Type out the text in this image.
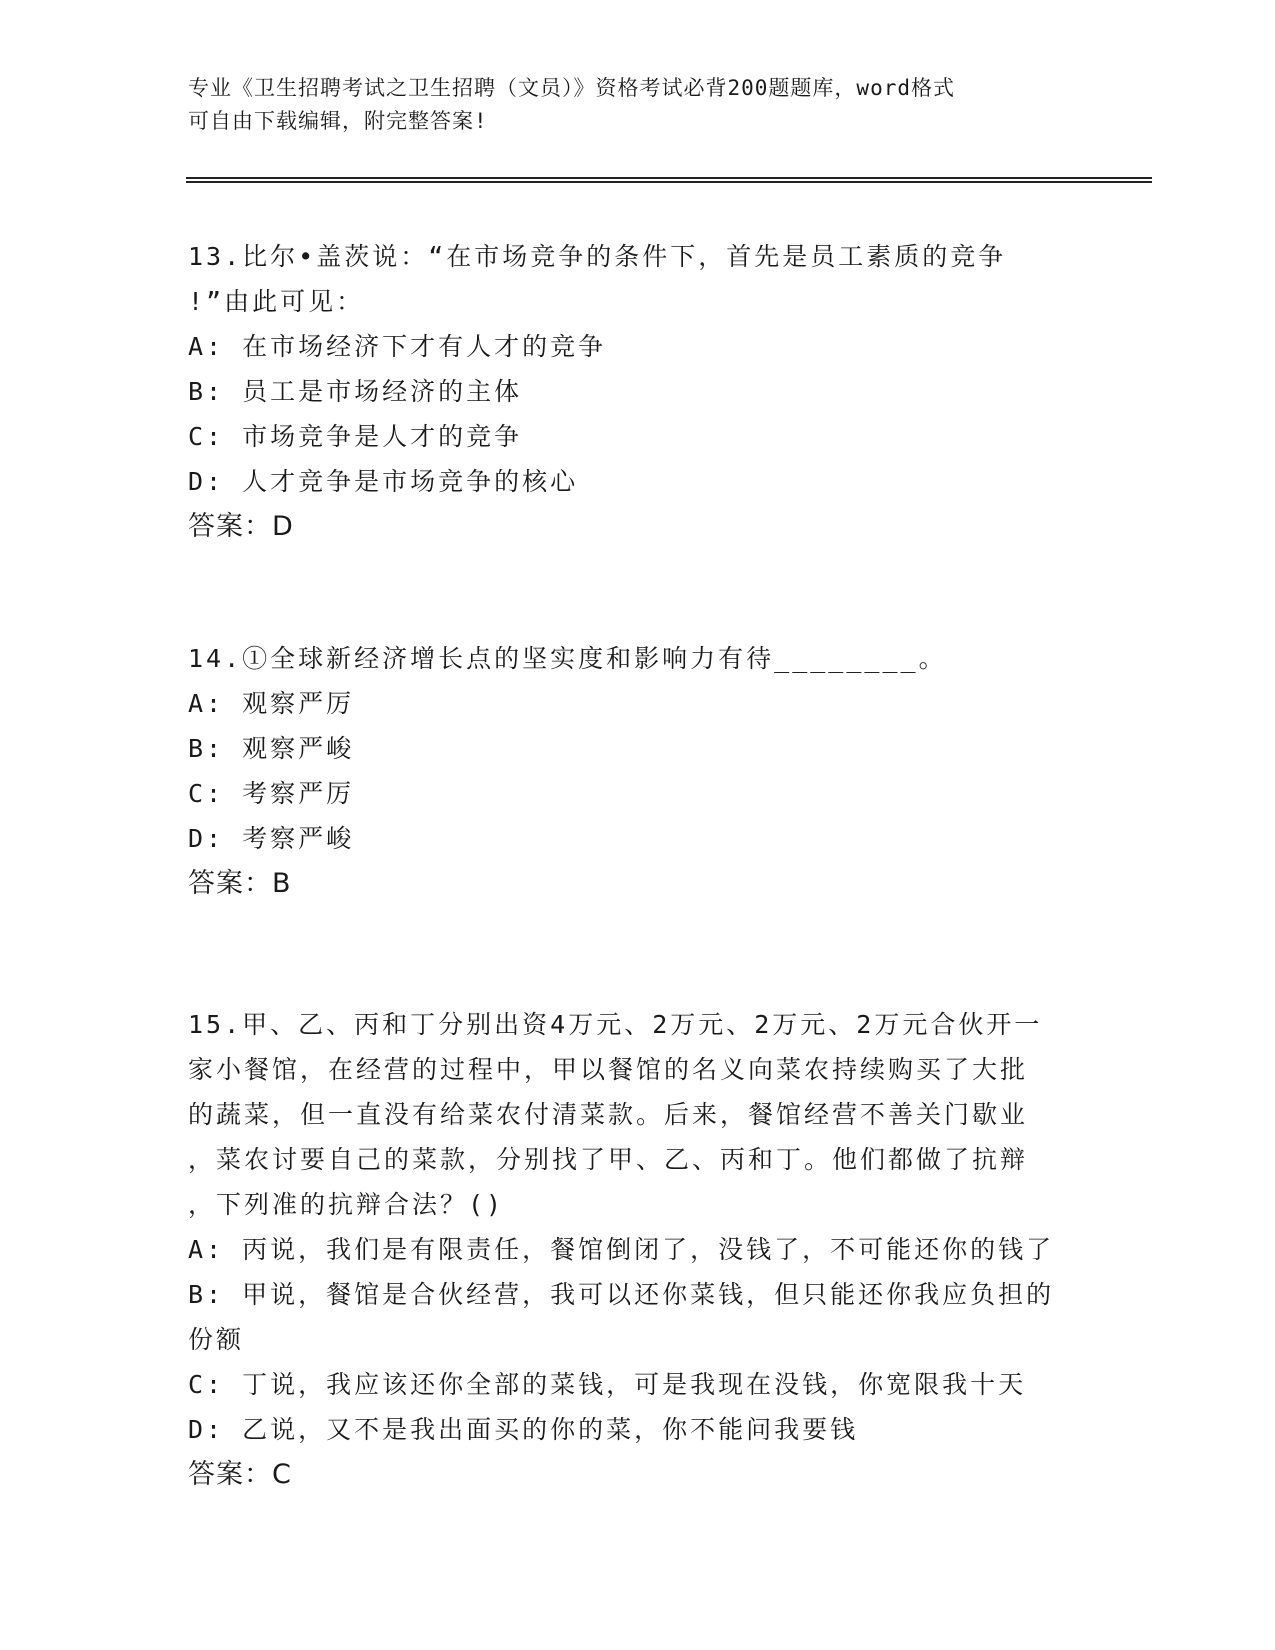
专业《卫生招聘考试之卫生招聘（文员）》资格考试必背200题题库，word格式
可自由下载编辑，附完整答案!
13.比尔•盖茨说：“在市场竞争的条件下，首先是员工素质的竞争
!”由此可见：
A: 在市场经济下才有人才的竞争
B: 员工是市场经济的主体
C: 市场竞争是人才的竞争
D: 人才竞争是市场竞争的核心
答案：D
14.①全球新经济增长点的坚实度和影响力有待________。
A: 观察严厉
B: 观察严峻
C: 考察严厉
D: 考察严峻
答案：B
15.甲、乙、丙和丁分别出资4万元、2万元、2万元、2万元合伙开一
家小餐馆，在经营的过程中，甲以餐馆的名义向菜农持续购买了大批
的蔬菜，但一直没有给菜农付清菜款。后来，餐馆经营不善关门歇业
，菜农讨要自己的菜款，分别找了甲、乙、丙和丁。他们都做了抗辩
，下列准的抗辩合法？()
A: 丙说，我们是有限责任，餐馆倒闭了，没钱了，不可能还你的钱了
B: 甲说，餐馆是合伙经营，我可以还你菜钱，但只能还你我应负担的
份额
C: 丁说，我应该还你全部的菜钱，可是我现在没钱，你宽限我十天
D: 乙说，又不是我出面买的你的菜，你不能问我要钱
答案：C
